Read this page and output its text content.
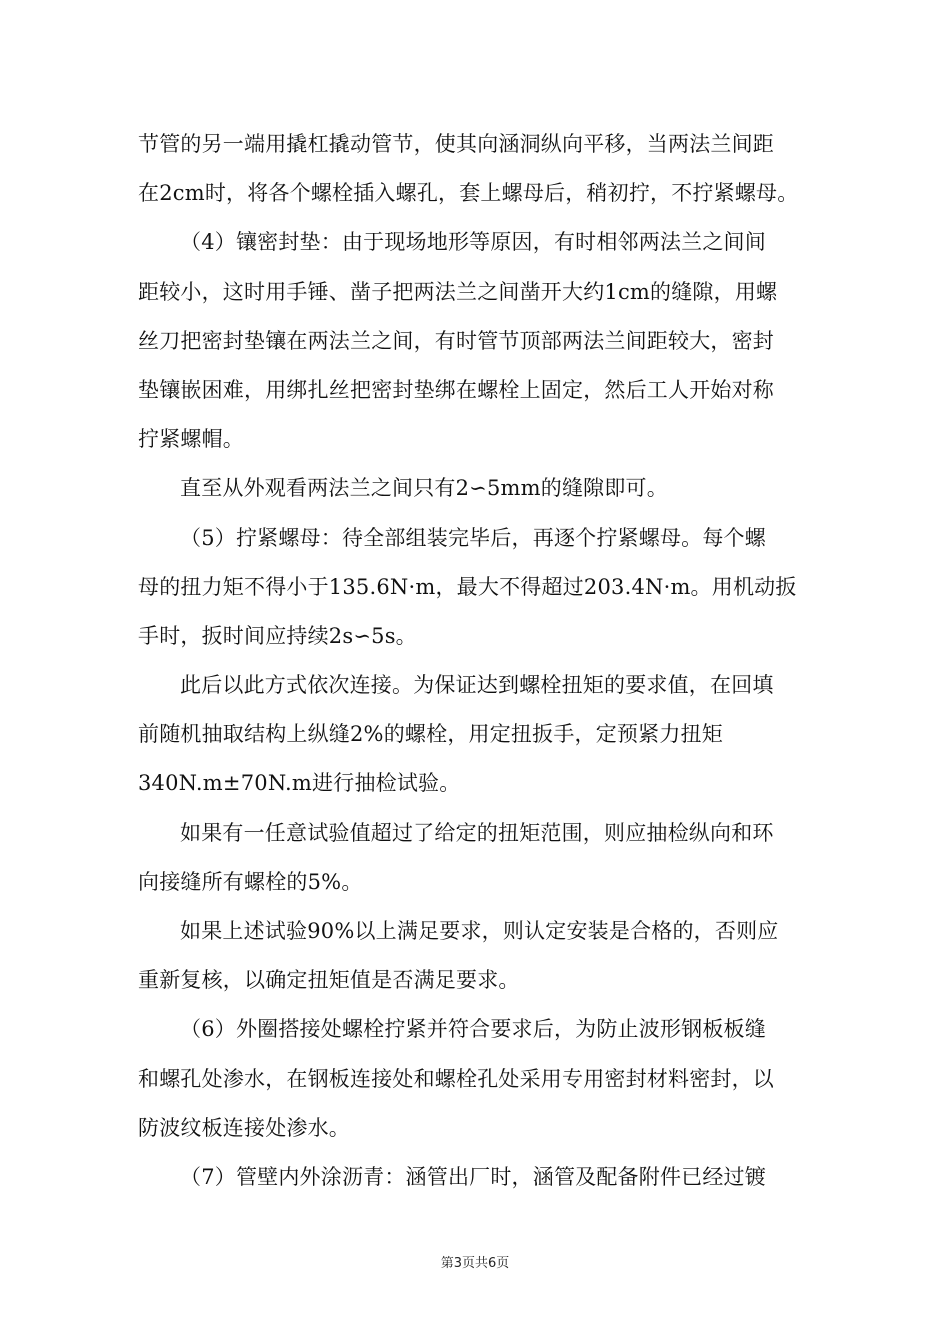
节管的另一端用撬杠撬动管节，使其向涵洞纵向平移，当两法兰间距
在2cm时，将各个螺栓插入螺孔，套上螺母后，稍初拧，不拧紧螺母。
（4）镶密封垫：由于现场地形等原因，有时相邻两法兰之间间
距较小，这时用手锤、凿子把两法兰之间凿开大约1cm的缝隙，用螺
丝刀把密封垫镶在两法兰之间，有时管节顶部两法兰间距较大，密封
垫镶嵌困难，用绑扎丝把密封垫绑在螺栓上固定，然后工人开始对称
拧紧螺帽。
直至从外观看两法兰之间只有2∽5mm的缝隙即可。
（5）拧紧螺母：待全部组装完毕后，再逐个拧紧螺母。每个螺
母的扭力矩不得小于135.6N·m，最大不得超过203.4N·m。用机动扳
手时，扳时间应持续2s∽5s。
此后以此方式依次连接。为保证达到螺栓扭矩的要求值，在回填
前随机抽取结构上纵缝2%的螺栓，用定扭扳手，定预紧力扭矩
340N.m±70N.m进行抽检试验。
如果有一任意试验值超过了给定的扭矩范围，则应抽检纵向和环
向接缝所有螺栓的5%。
如果上述试验90%以上满足要求，则认定安装是合格的，否则应
重新复核，以确定扭矩值是否满足要求。
（6）外圈搭接处螺栓拧紧并符合要求后，为防止波形钢板板缝
和螺孔处渗水，在钢板连接处和螺栓孔处采用专用密封材料密封，以
防波纹板连接处渗水。
（7）管壁内外涂沥青：涵管出厂时，涵管及配备附件已经过镀
第3页共6页
